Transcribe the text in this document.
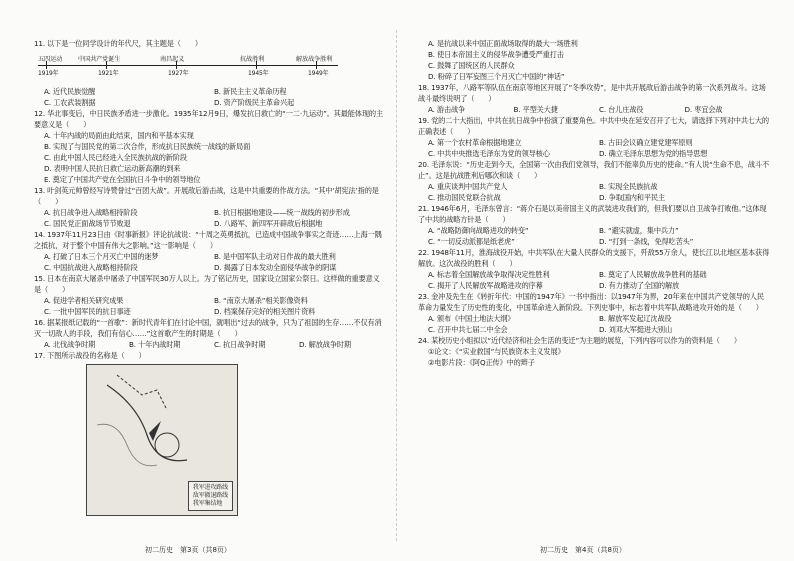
11. 以下是一位同学设计的年代尺，其主题是（　　）

五四运动	中国共产党诞生	南昌起义	抗战胜利	解放战争胜利
1919年	1921年	1927年	1945年	1949年
A. 近代民族觉醒	B. 新民主主义革命历程
C. 工农武装割据	D. 资产阶级民主革命兴起

12. 华北事变后，中日民族矛盾进一步激化。1935年12月9日，爆发抗日救亡的“一二·九运动”。其最能体现的主要意义是（　　）

A. 十年内战的局面由此结束，国内和平基本实现

B. 实现了与国民党的第二次合作，形成抗日民族统一战线的新局面

C. 由此中国人民已经进入全民族抗战的新阶段

D. 表明中国人民抗日救亡运动新高潮的到来

E. 奠定了中国共产党在全国抗日斗争中的领导地位

13. 叶剑英元帅曾经写诗赞誉过“百团大战”。开展敌后游击战，这是中共重要的作战方法。“其中‘胡宪法’指的是（　　）

A. 抗日战争进入战略相持阶段	B. 抗日根据地建设——统一战线的初步形成
C. 国民党正面战场节节败退	D. 八路军、新四军开辟敌后根据地

14. 1937年11月23日由《时事新报》评论抗战说：“十周之英勇抵抗，已造成中国战争事实之奇迹……上海一隅之抵抗，对于整个中国有伟大之影响。”这一影响是（　　）

A. 打破了日本三个月灭亡中国的迷梦	B. 是中国军队主动对日作战的最大胜利
C. 中国抗战进入战略相持阶段	D. 揭露了日本发动全面侵华战争的阴谋

15. 日本在南京大屠杀中屠杀了中国军民30万人以上。为了铭记历史，国家设立国家公祭日。这样做的重要意义是（　　）

A. 促进学者相关研究成果	B. “南京大屠杀”相关影像资料
C. 一批中国军民的抗日事迹	D. 档案保存完好的相关图片资料

16. 据某报纸记载的“一首歌”：新时代青年们在讨论中国，就唱出“过去的战争，只为了祖国的生存……不仅有消灭一切敌人的手段，我们有信心……”这首歌产生的时期是（　　）

A. 北伐战争时期	B. 十年内战时期	C. 抗日战争时期	D. 解放战争时期

17. 下图所示战役的名称是（　　）

我军进攻路线
敌军撤退路线
我军集结地

A. 是抗战以来中国正面战场取得的最大一场胜利

B. 使日本帝国主义的侵华战争遭受严重打击

C. 鼓舞了国统区的人民群众

D. 粉碎了日军妄图三个月灭亡中国的“神话”

18. 1937年，八路军等队伍在南京等地区开展了“冬季攻势”，是中共开展敌后游击战争的第一次系列战斗。这场战斗最终说明了（　　）

A. 游击战争	B. 平型关大捷	C. 台儿庄战役	D. 枣宜会战

19. 党的二十大指出，中共在抗日战争中扮演了重要角色。中共中央在延安召开了七大，请选择下列对中共七大的正确表述（　　）

A. 第一个农村革命根据地建立	B. 古田会议确立建党建军原则
C. 中共中央推选毛泽东为党的领导核心	D. 确立毛泽东思想为党的指导思想

20. 毛泽东说：“历史走到今天，全国第一次由我们党领导，我们不能辜负历史的使命。”有人说“生命不息，战斗不止”。这是抗战胜利后哪次和谈（　　）

A. 重庆谈判中国共产党人	B. 实现全民族抗战
C. 推动国民党联合抗战	D. 争取国内和平民主

21. 1946年6月，毛泽东曾言：“蒋介石是以美帝国主义的武装进攻我们的，但我们要以自卫战争打败他。”这体现了中共的战略方针是（　　）

A. “战略防御向战略进攻的转变”	B. “避实就虚，集中兵力”
C. “一切反动派都是纸老虎”	D. “打到一条线，免得吃苦头”

22. 1948年11月，淮海战役开始，中共军队在大量人民群众的支援下，歼敌55万余人，使长江以北地区基本获得解放。这次战役的胜利（　　）

A. 标志着全国解放战争取得决定性胜利	B. 奠定了人民解放战争胜利的基础
C. 揭开了人民解放军战略进攻的序幕	D. 有力推动了全国的解放

23. 金冲及先生在《转折年代：中国的1947年》一书中指出：以1947年为界，20年来在中国共产党领导的人民革命力量发生了历史性的变化，中国革命进入新阶段。下列史事中，标志着中共军队战略进攻开始的是（　　）

A. 颁布《中国土地法大纲》	B. 解放军发起辽沈战役
C. 召开中共七届二中全会	D. 刘邓大军挺进大别山

24. 某校历史小组拟以“近代经济和社会生活的变迁”为主题的展览，下列内容可以作为的资料是（　　）

①论文：《“实业救国”与民族资本主义发展》

②电影片段：《阿Q正传》中的辫子

初二历史　第3页（共8页）	初二历史　第4页（共8页）
